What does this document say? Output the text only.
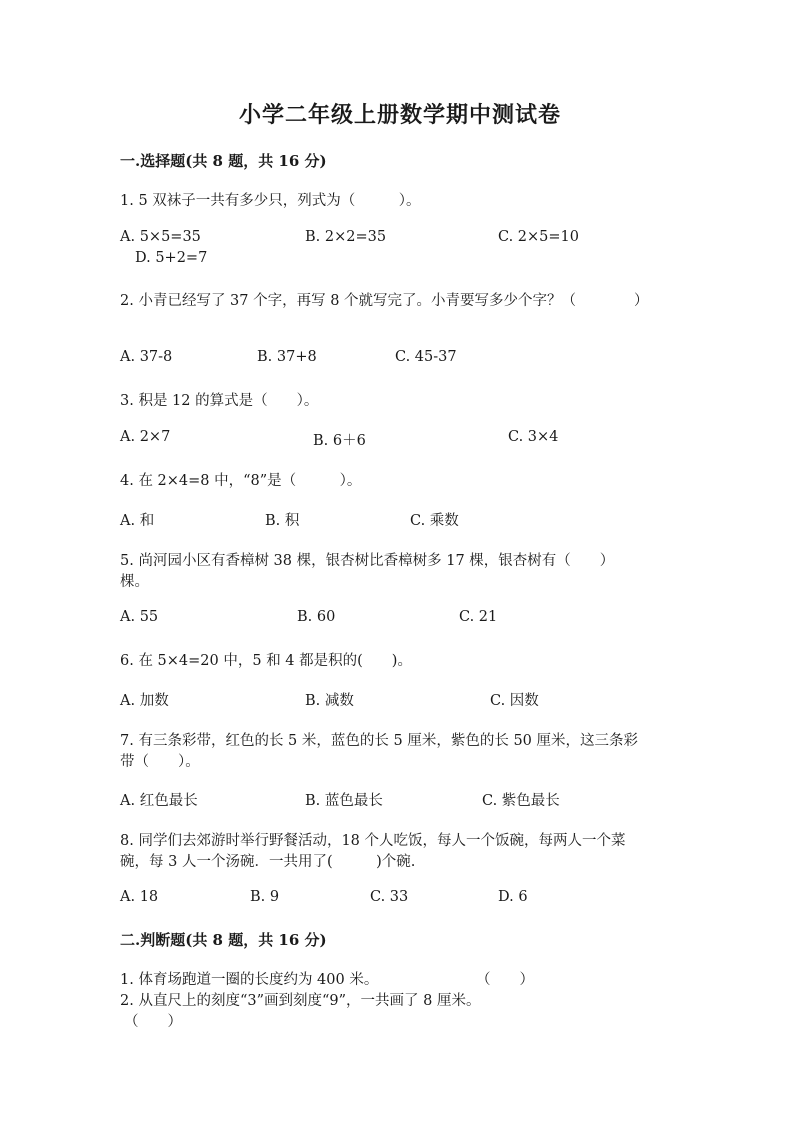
小学二年级上册数学期中测试卷
一.选择题(共 8 题，共 16 分)
1. 5 双袜子一共有多少只，列式为（　　　）。
A. 5×5=35	B. 2×2=35	C. 2×5=10
D. 5+2=7
2. 小青已经写了 37 个字，再写 8 个就写完了。小青要写多少个字？（　　　　）
A. 37-8	B. 37+8	C. 45-37
3. 积是 12 的算式是（　　）。
A. 2×7	B. 6＋6	C. 3×4
4. 在 2×4=8 中，“8”是（　　　）。
A. 和	B. 积	C. 乘数
5. 尚河园小区有香樟树 38 棵，银杏树比香樟树多 17 棵，银杏树有（　　）
棵。
A. 55	B. 60	C. 21
6. 在 5×4=20 中，5 和 4 都是积的(　　)。
A. 加数	B. 减数	C. 因数
7. 有三条彩带，红色的长 5 米，蓝色的长 5 厘米，紫色的长 50 厘米，这三条彩
带（　　）。
A. 红色最长	B. 蓝色最长	C. 紫色最长
8. 同学们去郊游时举行野餐活动，18 个人吃饭，每人一个饭碗，每两人一个菜
碗，每 3 人一个汤碗．一共用了(　　　)个碗.
A. 18	B. 9	C. 33	D. 6
二.判断题(共 8 题，共 16 分)
1. 体育场跑道一圈的长度约为 400 米。	（　　）
2. 从直尺上的刻度“3”画到刻度“9”，一共画了 8 厘米。
（　　）
